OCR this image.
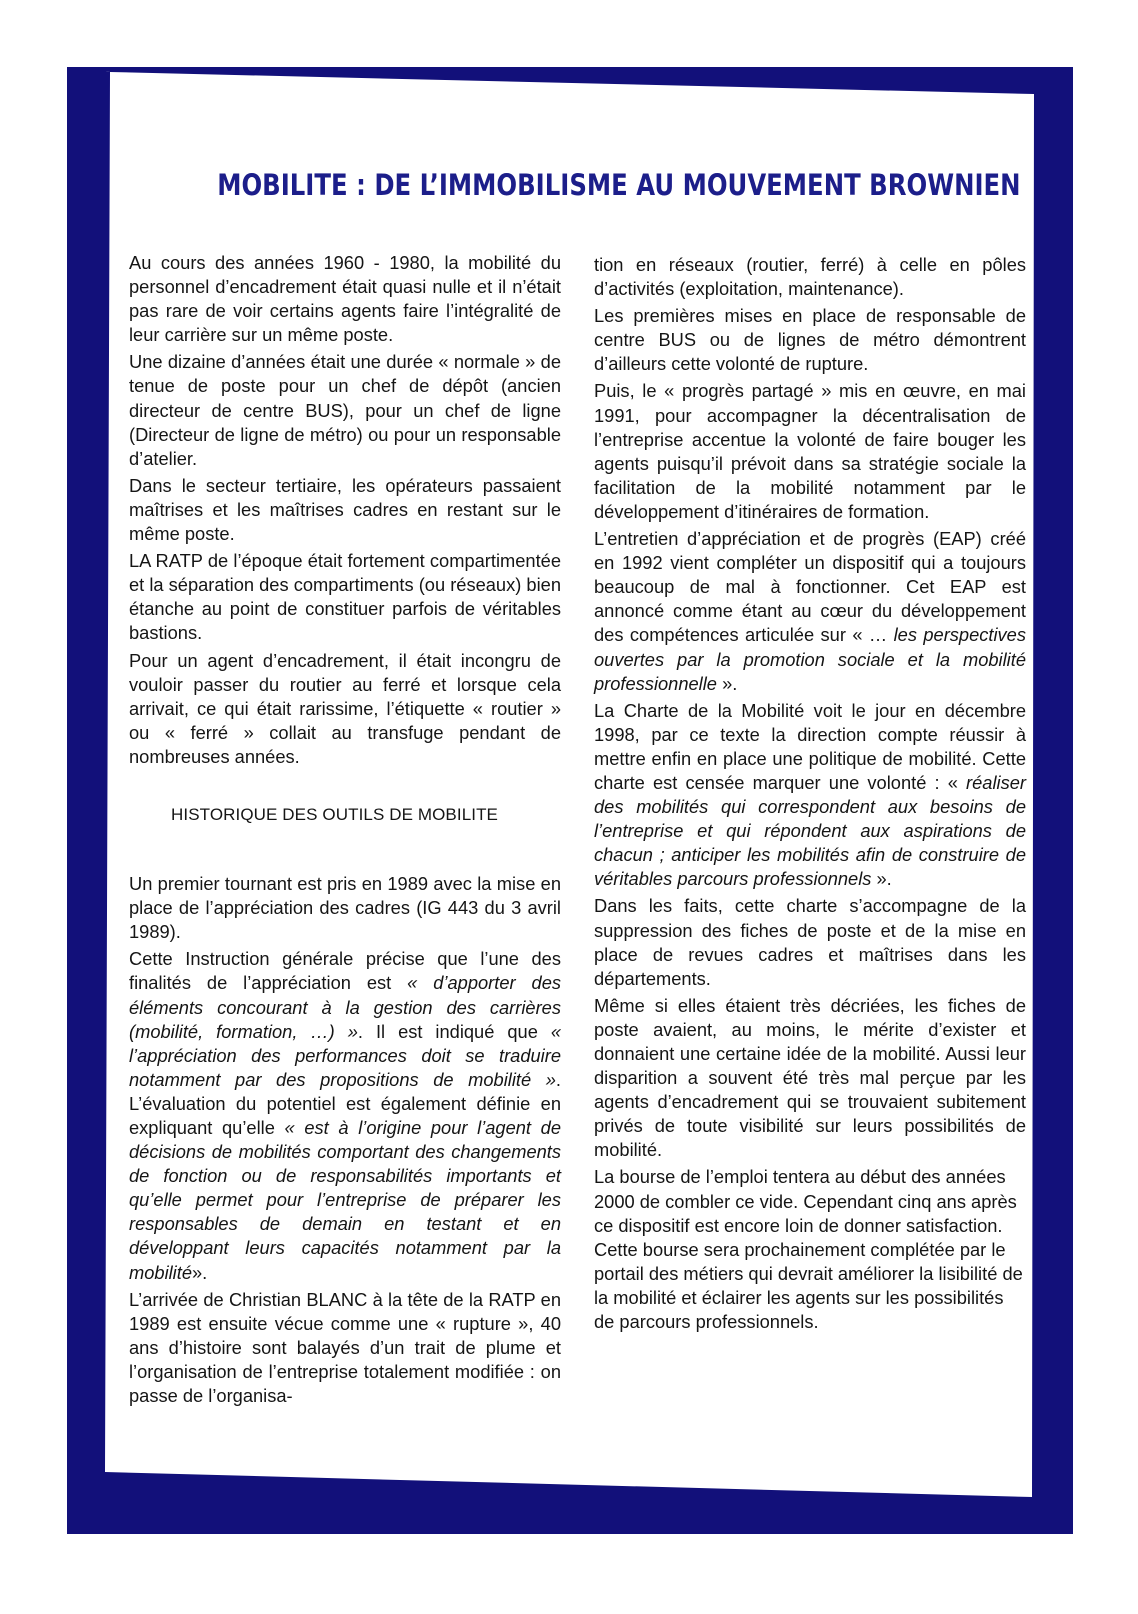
MOBILITE : DE L’IMMOBILISME AU MOUVEMENT BROWNIEN

Au cours des années 1960 - 1980, la mobilité du personnel d’encadrement était quasi nulle et il n’était pas rare de voir certains agents faire l’intégralité de leur carrière sur un même poste.

Une dizaine d’années était une durée « normale » de tenue de poste pour un chef de dépôt (ancien directeur de centre BUS), pour un chef de ligne (Directeur de ligne de métro) ou pour un responsable d’atelier.

Dans le secteur tertiaire, les opérateurs passaient maîtrises et les maîtrises cadres en restant sur le même poste.

LA RATP de l’époque était fortement compartimentée et la séparation des compartiments (ou réseaux) bien étanche au point de constituer parfois de véritables bastions.

Pour un agent d’encadrement, il était incongru de vouloir passer du routier au ferré et lorsque cela arrivait, ce qui était rarissime, l’étiquette « routier » ou « ferré » collait au transfuge pendant de nombreuses années.

HISTORIQUE DES OUTILS DE MOBILITE

Un premier tournant est pris en 1989 avec la mise en place de l’appréciation des cadres (IG 443 du 3 avril 1989).

Cette Instruction générale précise que l’une des finalités de l’appréciation est « d’apporter des éléments concourant à la gestion des carrières (mobilité, formation, …) ». Il est indiqué que « l’appréciation des performances doit se traduire notamment par des propositions de mobilité ». L’évaluation du potentiel est également définie en expliquant qu’elle « est à l’origine pour l’agent de décisions de mobilités comportant des changements de fonction ou de responsabilités importants et qu’elle permet pour l’entreprise de préparer les responsables de demain en testant et en développant leurs capacités notamment par la mobilité».

L’arrivée de Christian BLANC à la tête de la RATP en 1989 est ensuite vécue comme une « rupture », 40 ans d’histoire sont balayés d’un trait de plume et l’organisation de l’entreprise totalement modifiée : on passe de l’organisa-

tion en réseaux (routier, ferré) à celle en pôles d’activités (exploitation, maintenance).

Les premières mises en place de responsable de centre BUS ou de lignes de métro démontrent d’ailleurs cette volonté de rupture.

Puis, le « progrès partagé » mis en œuvre, en mai 1991, pour accompagner la décentralisation de l’entreprise accentue la volonté de faire bouger les agents puisqu’il prévoit dans sa stratégie sociale la facilitation de la mobilité notamment par le développement d’itinéraires de formation.

L’entretien d’appréciation et de progrès (EAP) créé en 1992 vient compléter un dispositif qui a toujours beaucoup de mal à fonctionner. Cet EAP est annoncé comme étant au cœur du développement des compétences articulée sur « … les perspectives ouvertes par la promotion sociale et la mobilité professionnelle ».

La Charte de la Mobilité voit le jour en décembre 1998, par ce texte la direction compte réussir à mettre enfin en place une politique de mobilité. Cette charte est censée marquer une volonté : « réaliser des mobilités qui correspondent aux besoins de l’entreprise et qui répondent aux aspirations de chacun ; anticiper les mobilités afin de construire de véritables parcours professionnels ».

Dans les faits, cette charte s’accompagne de la suppression des fiches de poste et de la mise en place de revues cadres et maîtrises dans les départements.

Même si elles étaient très décriées, les fiches de poste avaient, au moins, le mérite d’exister et donnaient une certaine idée de la mobilité. Aussi leur disparition a souvent été très mal perçue par les agents d’encadrement qui se trouvaient subitement privés de toute visibilité sur leurs possibilités de mobilité.

La bourse de l’emploi tentera au début des années 2000 de combler ce vide. Cependant cinq ans après ce dispositif est encore loin de donner satisfaction. Cette bourse sera prochainement complétée par le portail des métiers qui devrait améliorer la lisibilité de la mobilité et éclairer les agents sur les possibilités de parcours professionnels.
